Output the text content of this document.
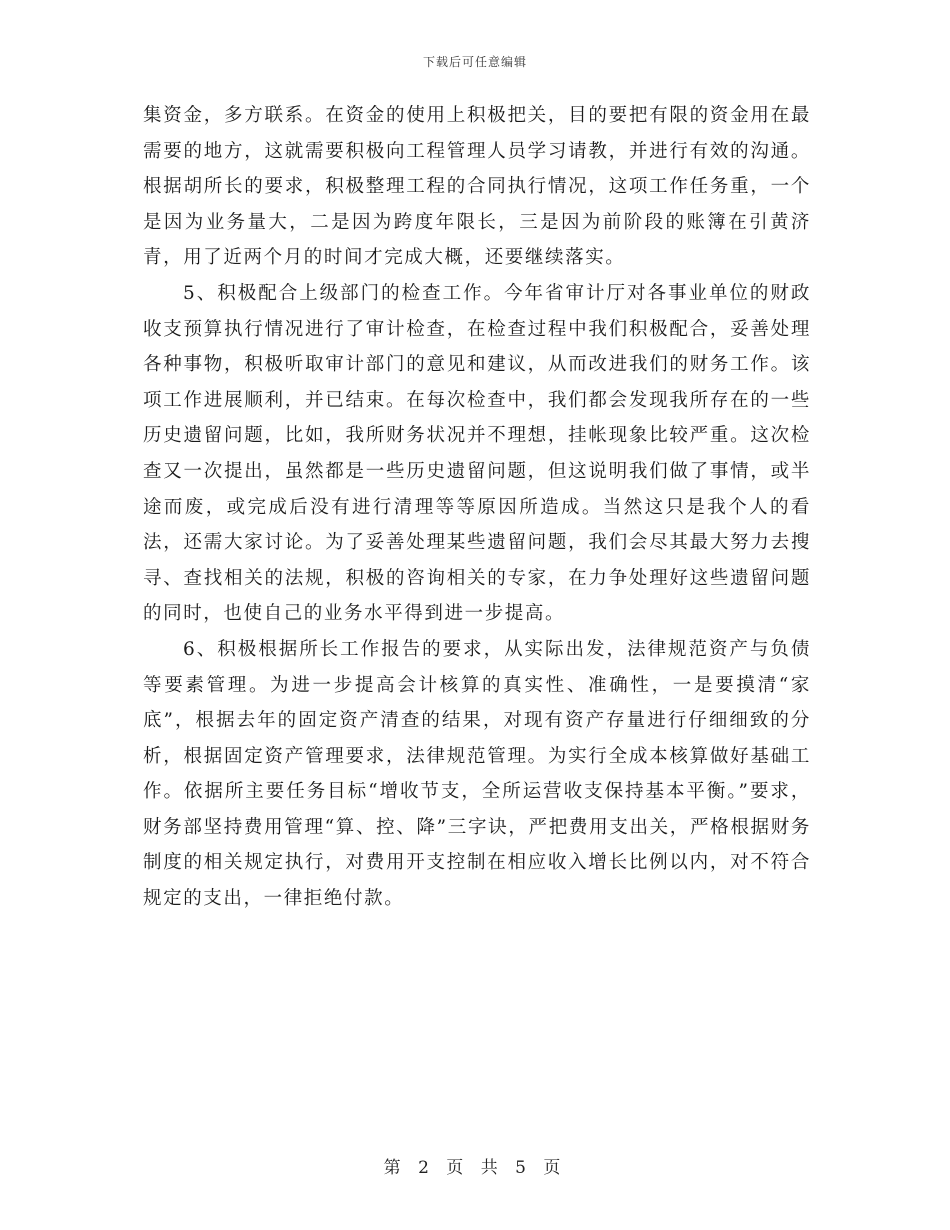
下载后可任意编辑

集资金，多方联系。在资金的使用上积极把关，目的要把有限的资金用在最需要的地方，这就需要积极向工程管理人员学习请教，并进行有效的沟通。根据胡所长的要求，积极整理工程的合同执行情况，这项工作任务重，一个是因为业务量大，二是因为跨度年限长，三是因为前阶段的账簿在引黄济青，用了近两个月的时间才完成大概，还要继续落实。

5、积极配合上级部门的检查工作。今年省审计厅对各事业单位的财政收支预算执行情况进行了审计检查，在检查过程中我们积极配合，妥善处理各种事物，积极听取审计部门的意见和建议，从而改进我们的财务工作。该项工作进展顺利，并已结束。在每次检查中，我们都会发现我所存在的一些历史遗留问题，比如，我所财务状况并不理想，挂帐现象比较严重。这次检查又一次提出，虽然都是一些历史遗留问题，但这说明我们做了事情，或半途而废，或完成后没有进行清理等等原因所造成。当然这只是我个人的看法，还需大家讨论。为了妥善处理某些遗留问题，我们会尽其最大努力去搜寻、查找相关的法规，积极的咨询相关的专家，在力争处理好这些遗留问题的同时，也使自己的业务水平得到进一步提高。

6、积极根据所长工作报告的要求，从实际出发，法律规范资产与负债等要素管理。为进一步提高会计核算的真实性、准确性，一是要摸清“家底”，根据去年的固定资产清查的结果，对现有资产存量进行仔细细致的分析，根据固定资产管理要求，法律规范管理。为实行全成本核算做好基础工作。依据所主要任务目标“增收节支，全所运营收支保持基本平衡。”要求，财务部坚持费用管理“算、控、降”三字诀，严把费用支出关，严格根据财务制度的相关规定执行，对费用开支控制在相应收入增长比例以内，对不符合规定的支出，一律拒绝付款。

第 2 页 共 5 页
